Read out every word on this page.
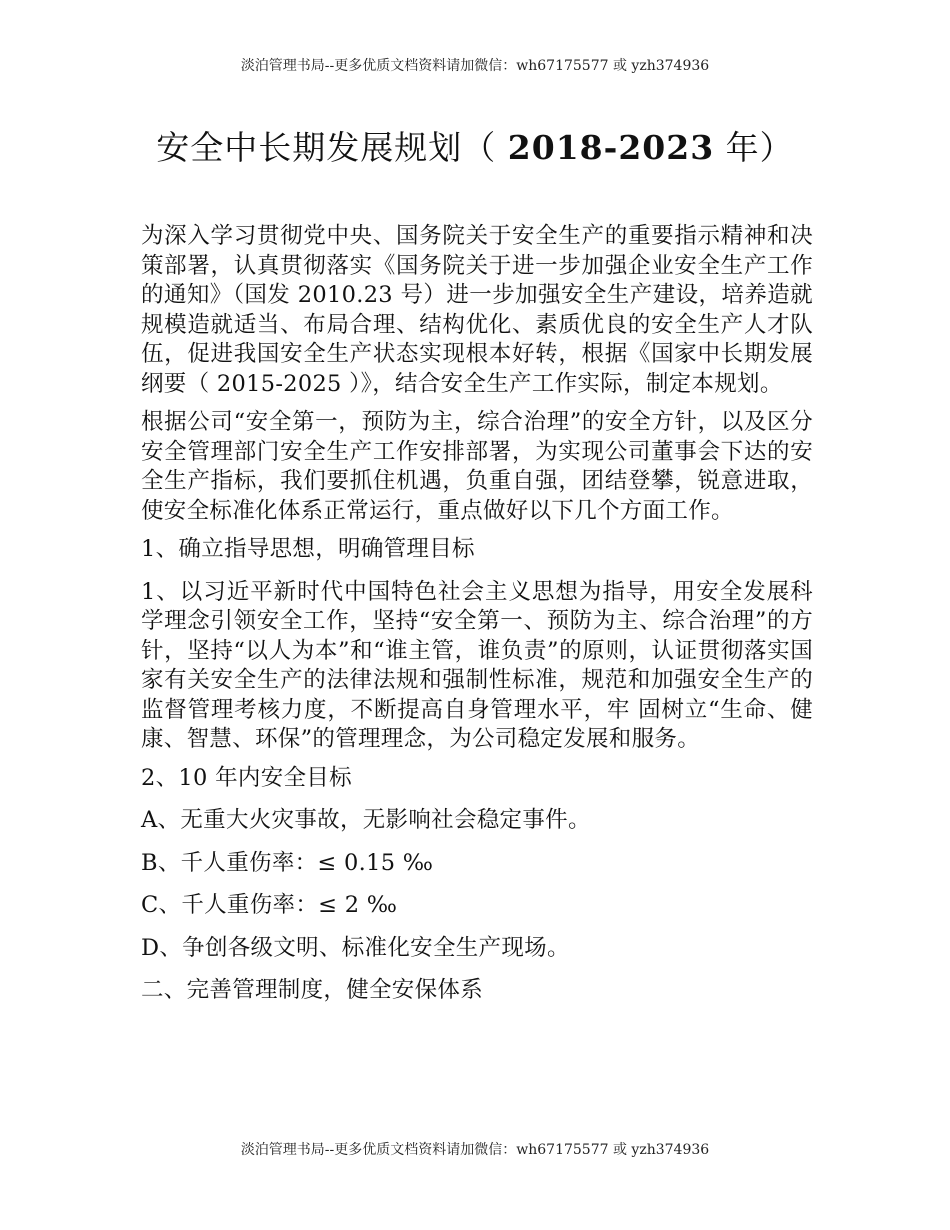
淡泊管理书局--更多优质文档资料请加微信：wh67175577 或 yzh374936
安全中长期发展规划（ 2018-2023 年）

为深入学习贯彻党中央、国务院关于安全生产的重要指示精神和决策部署，认真贯彻落实《国务院关于进一步加强企业安全生产工作的通知》（国发 2010.23 号）进一步加强安全生产建设，培养造就规模造就适当、布局合理、结构优化、素质优良的安全生产人才队伍，促进我国安全生产状态实现根本好转，根据《国家中长期发展纲要（ 2015-2025 ）》，结合安全生产工作实际，制定本规划。

根据公司“安全第一，预防为主，综合治理”的安全方针，以及区分安全管理部门安全生产工作安排部署，为实现公司董事会下达的安全生产指标，我们要抓住机遇，负重自强，团结登攀，锐意进取，使安全标准化体系正常运行，重点做好以下几个方面工作。

1、确立指导思想，明确管理目标

1、以习近平新时代中国特色社会主义思想为指导，用安全发展科学理念引领安全工作，坚持“安全第一、预防为主、综合治理”的方针，坚持“以人为本”和“谁主管，谁负责”的原则，认证贯彻落实国家有关安全生产的法律法规和强制性标准，规范和加强安全生产的监督管理考核力度，不断提高自身管理水平，牢 固树立“生命、健康、智慧、环保”的管理理念，为公司稳定发展和服务。

2、10 年内安全目标

A、无重大火灾事故，无影响社会稳定事件。

B、千人重伤率：≤ 0.15 ‰

C、千人重伤率：≤ 2 ‰

D、争创各级文明、标准化安全生产现场。

二、完善管理制度，健全安保体系

淡泊管理书局--更多优质文档资料请加微信：wh67175577 或 yzh374936
